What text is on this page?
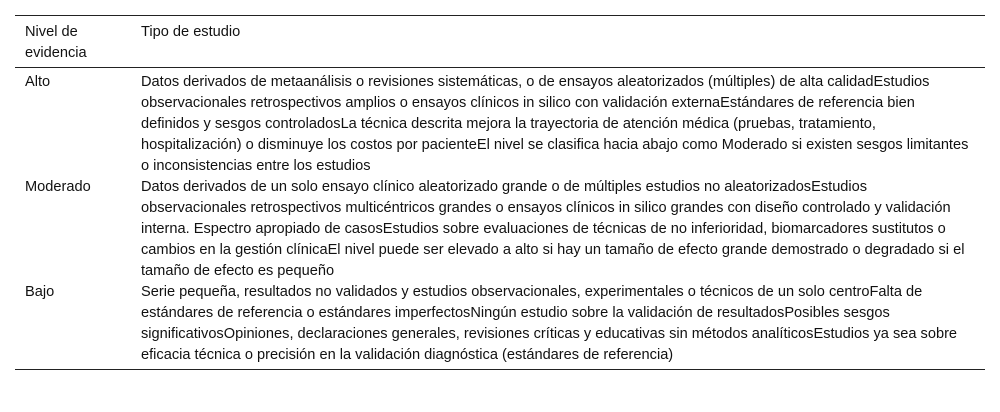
Nivel de evidencia	Tipo de estudio
Alto	Datos derivados de metaanálisis o revisiones sistemáticas, o de ensayos aleatorizados (múltiples) de alta calidadEstudios observacionales retrospectivos amplios o ensayos clínicos in silico con validación externaEstándares de referencia bien definidos y sesgos controladosLa técnica descrita mejora la trayectoria de atención médica (pruebas, tratamiento, hospitalización) o disminuye los costos por pacienteEl nivel se clasifica hacia abajo como Moderado si existen sesgos limitantes o inconsistencias entre los estudios
Moderado	Datos derivados de un solo ensayo clínico aleatorizado grande o de múltiples estudios no aleatorizadosEstudios observacionales retrospectivos multicéntricos grandes o ensayos clínicos in silico grandes con diseño controlado y validación interna. Espectro apropiado de casosEstudios sobre evaluaciones de técnicas de no inferioridad, biomarcadores sustitutos o cambios en la gestión clínicaEl nivel puede ser elevado a alto si hay un tamaño de efecto grande demostrado o degradado si el tamaño de efecto es pequeño
Bajo	Serie pequeña, resultados no validados y estudios observacionales, experimentales o técnicos de un solo centroFalta de estándares de referencia o estándares imperfectosNingún estudio sobre la validación de resultadosPosibles sesgos significativosOpiniones, declaraciones generales, revisiones críticas y educativas sin métodos analíticosEstudios ya sea sobre eficacia técnica o precisión en la validación diagnóstica (estándares de referencia)
